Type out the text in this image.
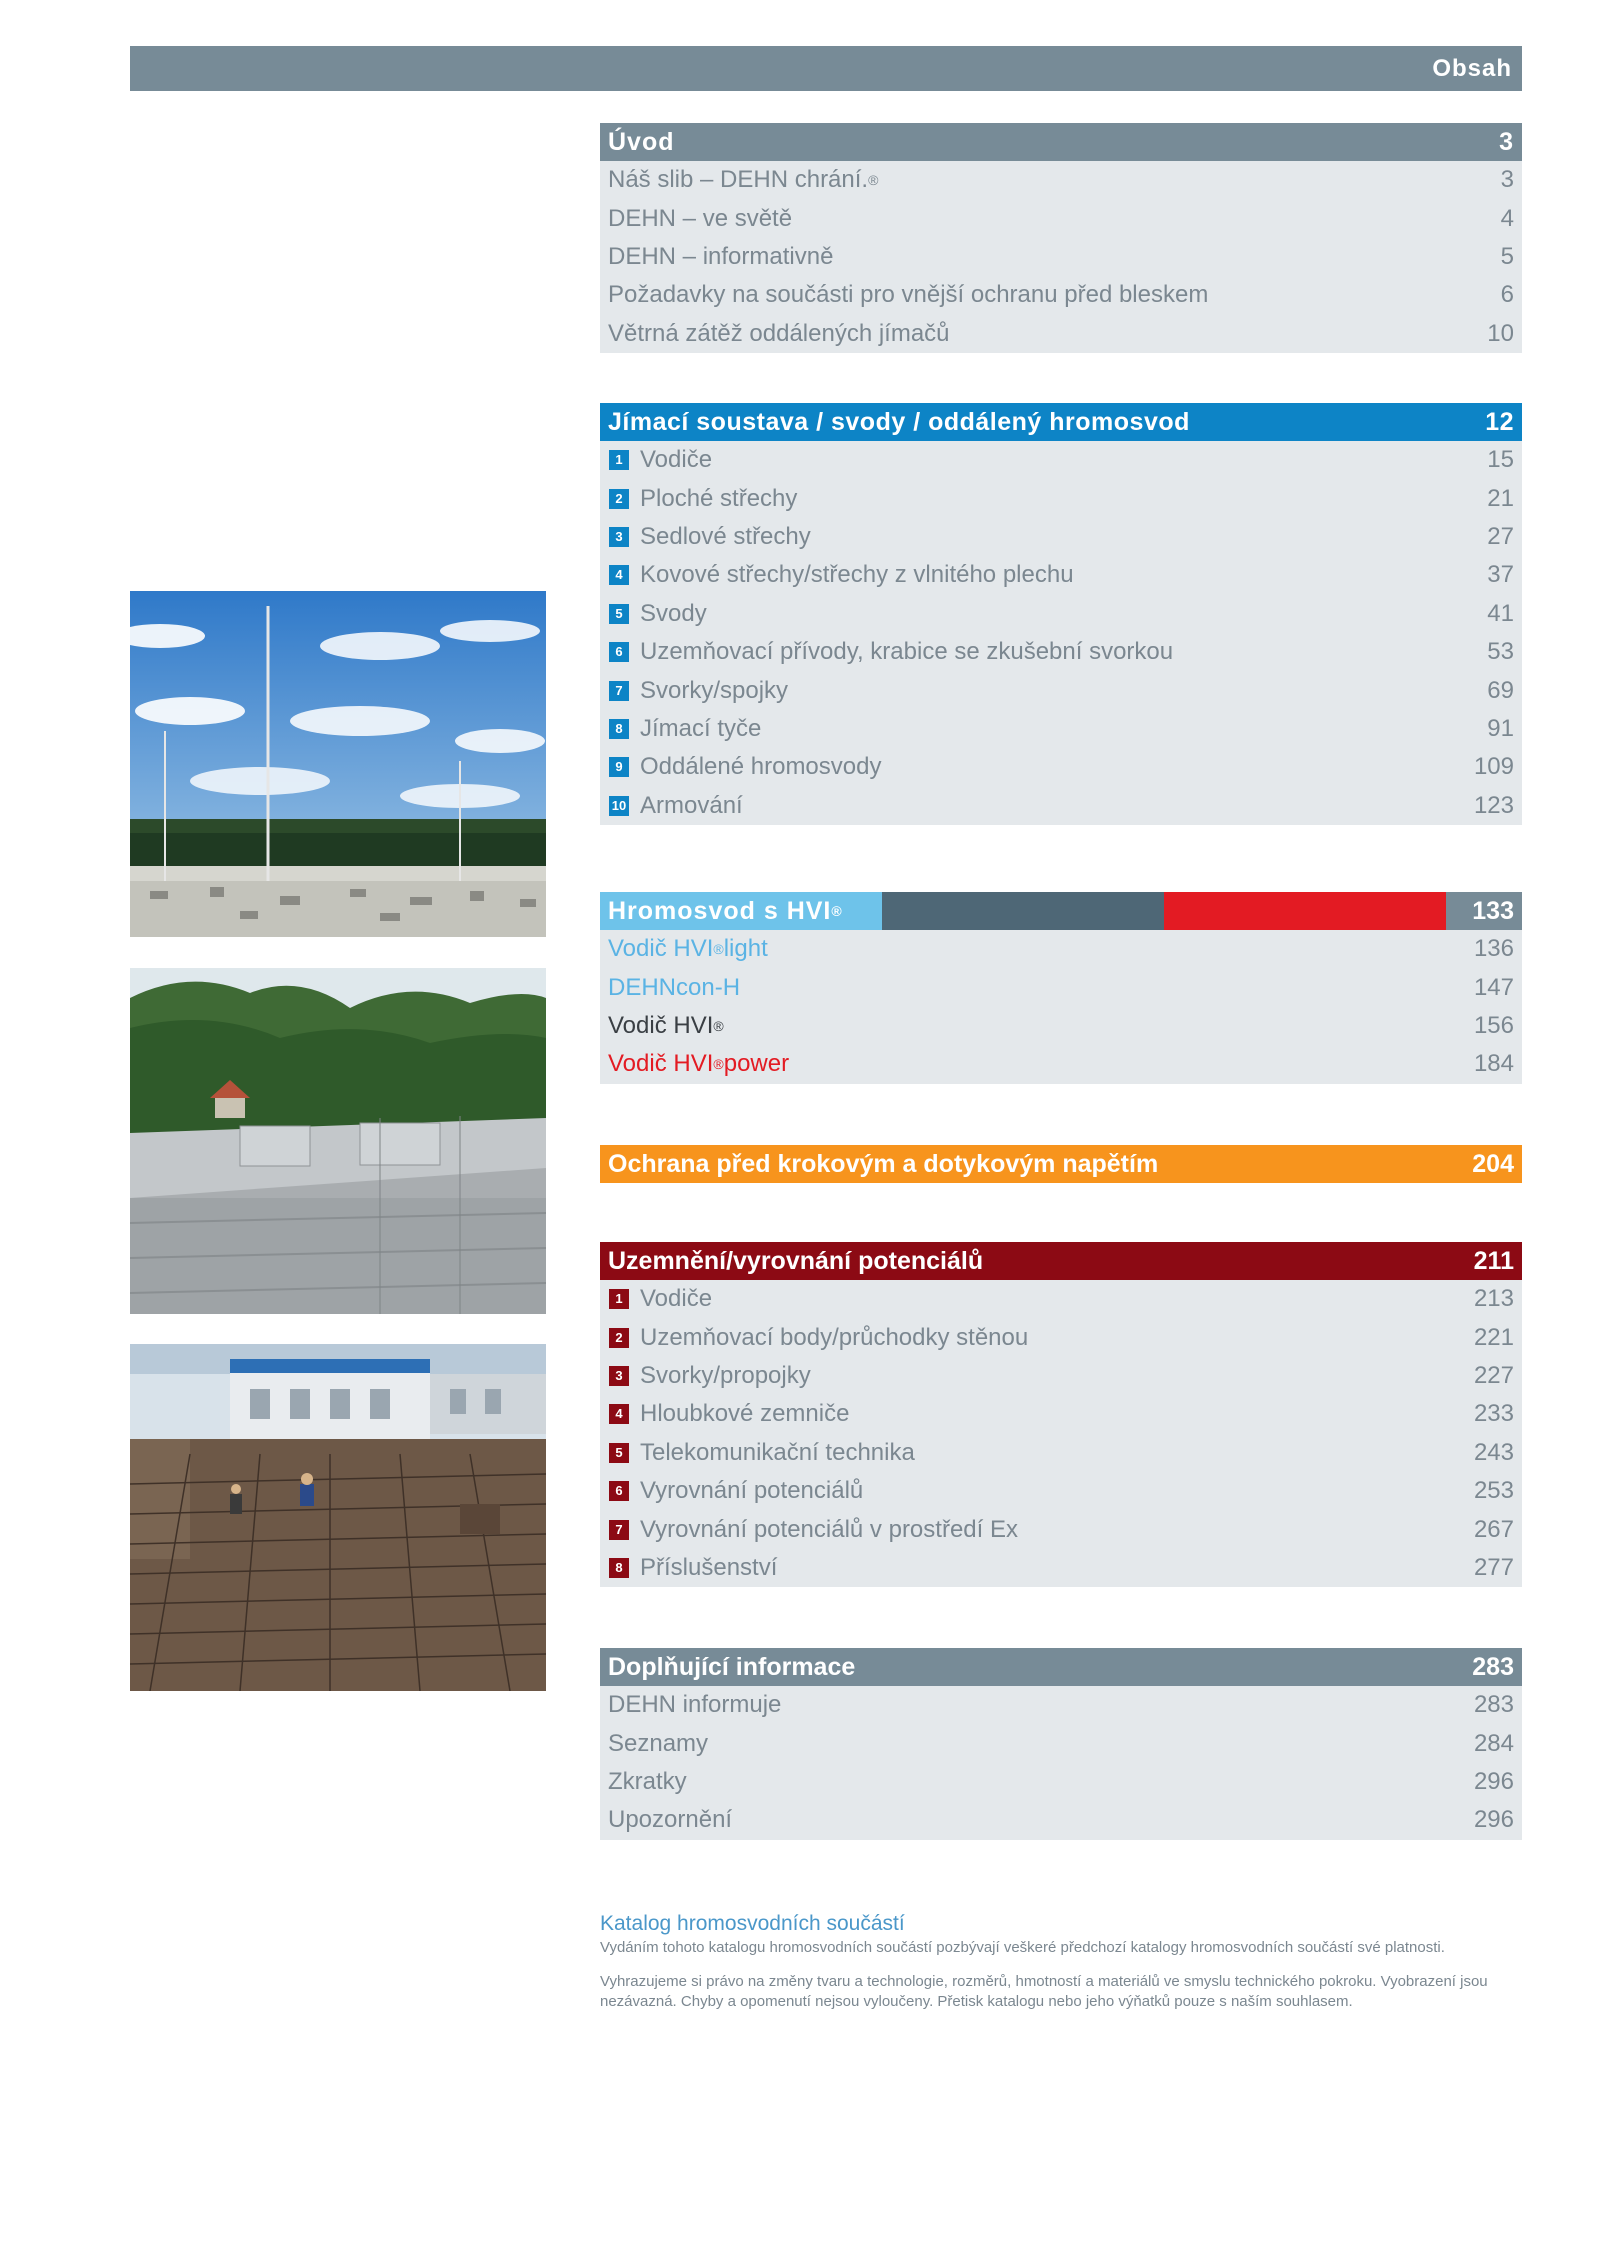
Obsah
Úvod	3
Náš slib – DEHN chrání. ®	3
DEHN – ve světě	4
DEHN – informativně	5
Požadavky na součásti pro vnější ochranu před bleskem	6
Větrná zátěž oddálených jímačů	10
Jímací soustava / svody / oddálený hromosvod	12
1 Vodiče	15
2 Ploché střechy	21
3 Sedlové střechy	27
4 Kovové střechy/střechy z vlnitého plechu	37
5 Svody	41
6 Uzemňovací přívody, krabice se zkušební svorkou	53
7 Svorky/spojky	69
8 Jímací tyče	91
9 Oddálené hromosvody	109
10 Armování	123
Hromosvod s HVI ®	133
Vodič HVI ® light	136
DEHNcon-H	147
Vodič HVI ®	156
Vodič HVI ® power	184
Ochrana před krokovým a dotykovým napětím	204
Uzemnění/vyrovnání potenciálů	211
1 Vodiče	213
2 Uzemňovací body/průchodky stěnou	221
3 Svorky/propojky	227
4 Hloubkové zemniče	233
5 Telekomunikační technika	243
6 Vyrovnání potenciálů	253
7 Vyrovnání potenciálů v prostředí Ex	267
8 Příslušenství	277
Doplňující informace	283
DEHN informuje	283
Seznamy	284
Zkratky	296
Upozornění	296
Katalog hromosvodních součástí
Vydáním tohoto katalogu hromosvodních součástí pozbývají veškeré předchozí katalogy hromosvodních součástí své platnosti.
Vyhrazujeme si právo na změny tvaru a technologie, rozměrů, hmotností a materiálů ve smyslu technického pokroku. Vyobrazení jsou nezávazná. Chyby a opomenutí nejsou vyloučeny. Přetisk katalogu nebo jeho výňatků pouze s naším souhlasem.
